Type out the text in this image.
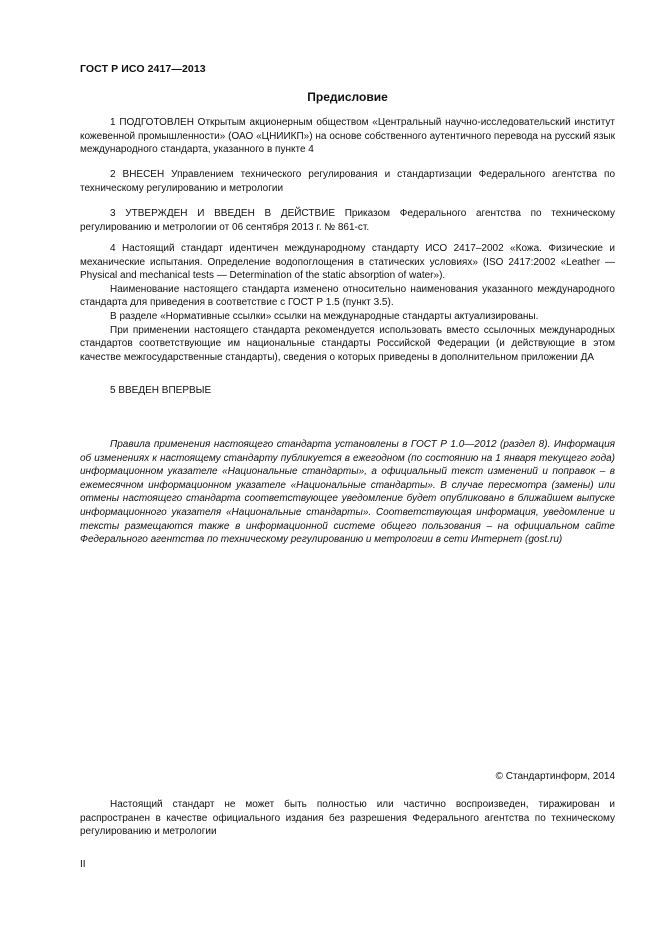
ГОСТ Р ИСО 2417—2013
Предисловие

1 ПОДГОТОВЛЕН Открытым акционерным обществом «Центральный научно-исследовательский институт кожевенной промышленности» (ОАО «ЦНИИКП») на основе собственного аутентичного перевода на русский язык международного стандарта, указанного в пункте 4

2 ВНЕСЕН Управлением технического регулирования и стандартизации Федерального агентства по техническому регулированию и метрологии

3 УТВЕРЖДЕН И ВВЕДЕН В ДЕЙСТВИЕ Приказом Федерального агентства по техническому регулированию и метрологии от 06 сентября 2013 г. № 861-ст.

4 Настоящий стандарт идентичен международному стандарту ИСО 2417–2002 «Кожа. Физические и механические испытания. Определение водопоглощения в статических условиях» (ISO 2417:2002 «Leather — Physical and mechanical tests — Determination of the static absorption of water»).

Наименование настоящего стандарта изменено относительно наименования указанного международного стандарта для приведения в соответствие с ГОСТ Р 1.5 (пункт 3.5).

В разделе «Нормативные ссылки» ссылки на международные стандарты актуализированы.

При применении настоящего стандарта рекомендуется использовать вместо ссылочных международных стандартов соответствующие им национальные стандарты Российской Федерации (и действующие в этом качестве межгосударственные стандарты), сведения о которых приведены в дополнительном приложении ДА

5 ВВЕДЕН ВПЕРВЫЕ

Правила применения настоящего стандарта установлены в ГОСТ Р 1.0—2012 (раздел 8). Информация об изменениях к настоящему стандарту публикуется в ежегодном (по состоянию на 1 января текущего года) информационном указателе «Национальные стандарты», а официальный текст изменений и поправок – в ежемесячном информационном указателе «Национальные стандарты». В случае пересмотра (замены) или отмены настоящего стандарта соответствующее уведомление будет опубликовано в ближайшем выпуске информационного указателя «Национальные стандарты». Соответствующая информация, уведомление и тексты размещаются также в информационной системе общего пользования – на официальном сайте Федерального агентства по техническому регулированию и метрологии в сети Интернет (gost.ru)

© Стандартинформ, 2014

Настоящий стандарт не может быть полностью или частично воспроизведен, тиражирован и распространен в качестве официального издания без разрешения Федерального агентства по техническому регулированию и метрологии

II
